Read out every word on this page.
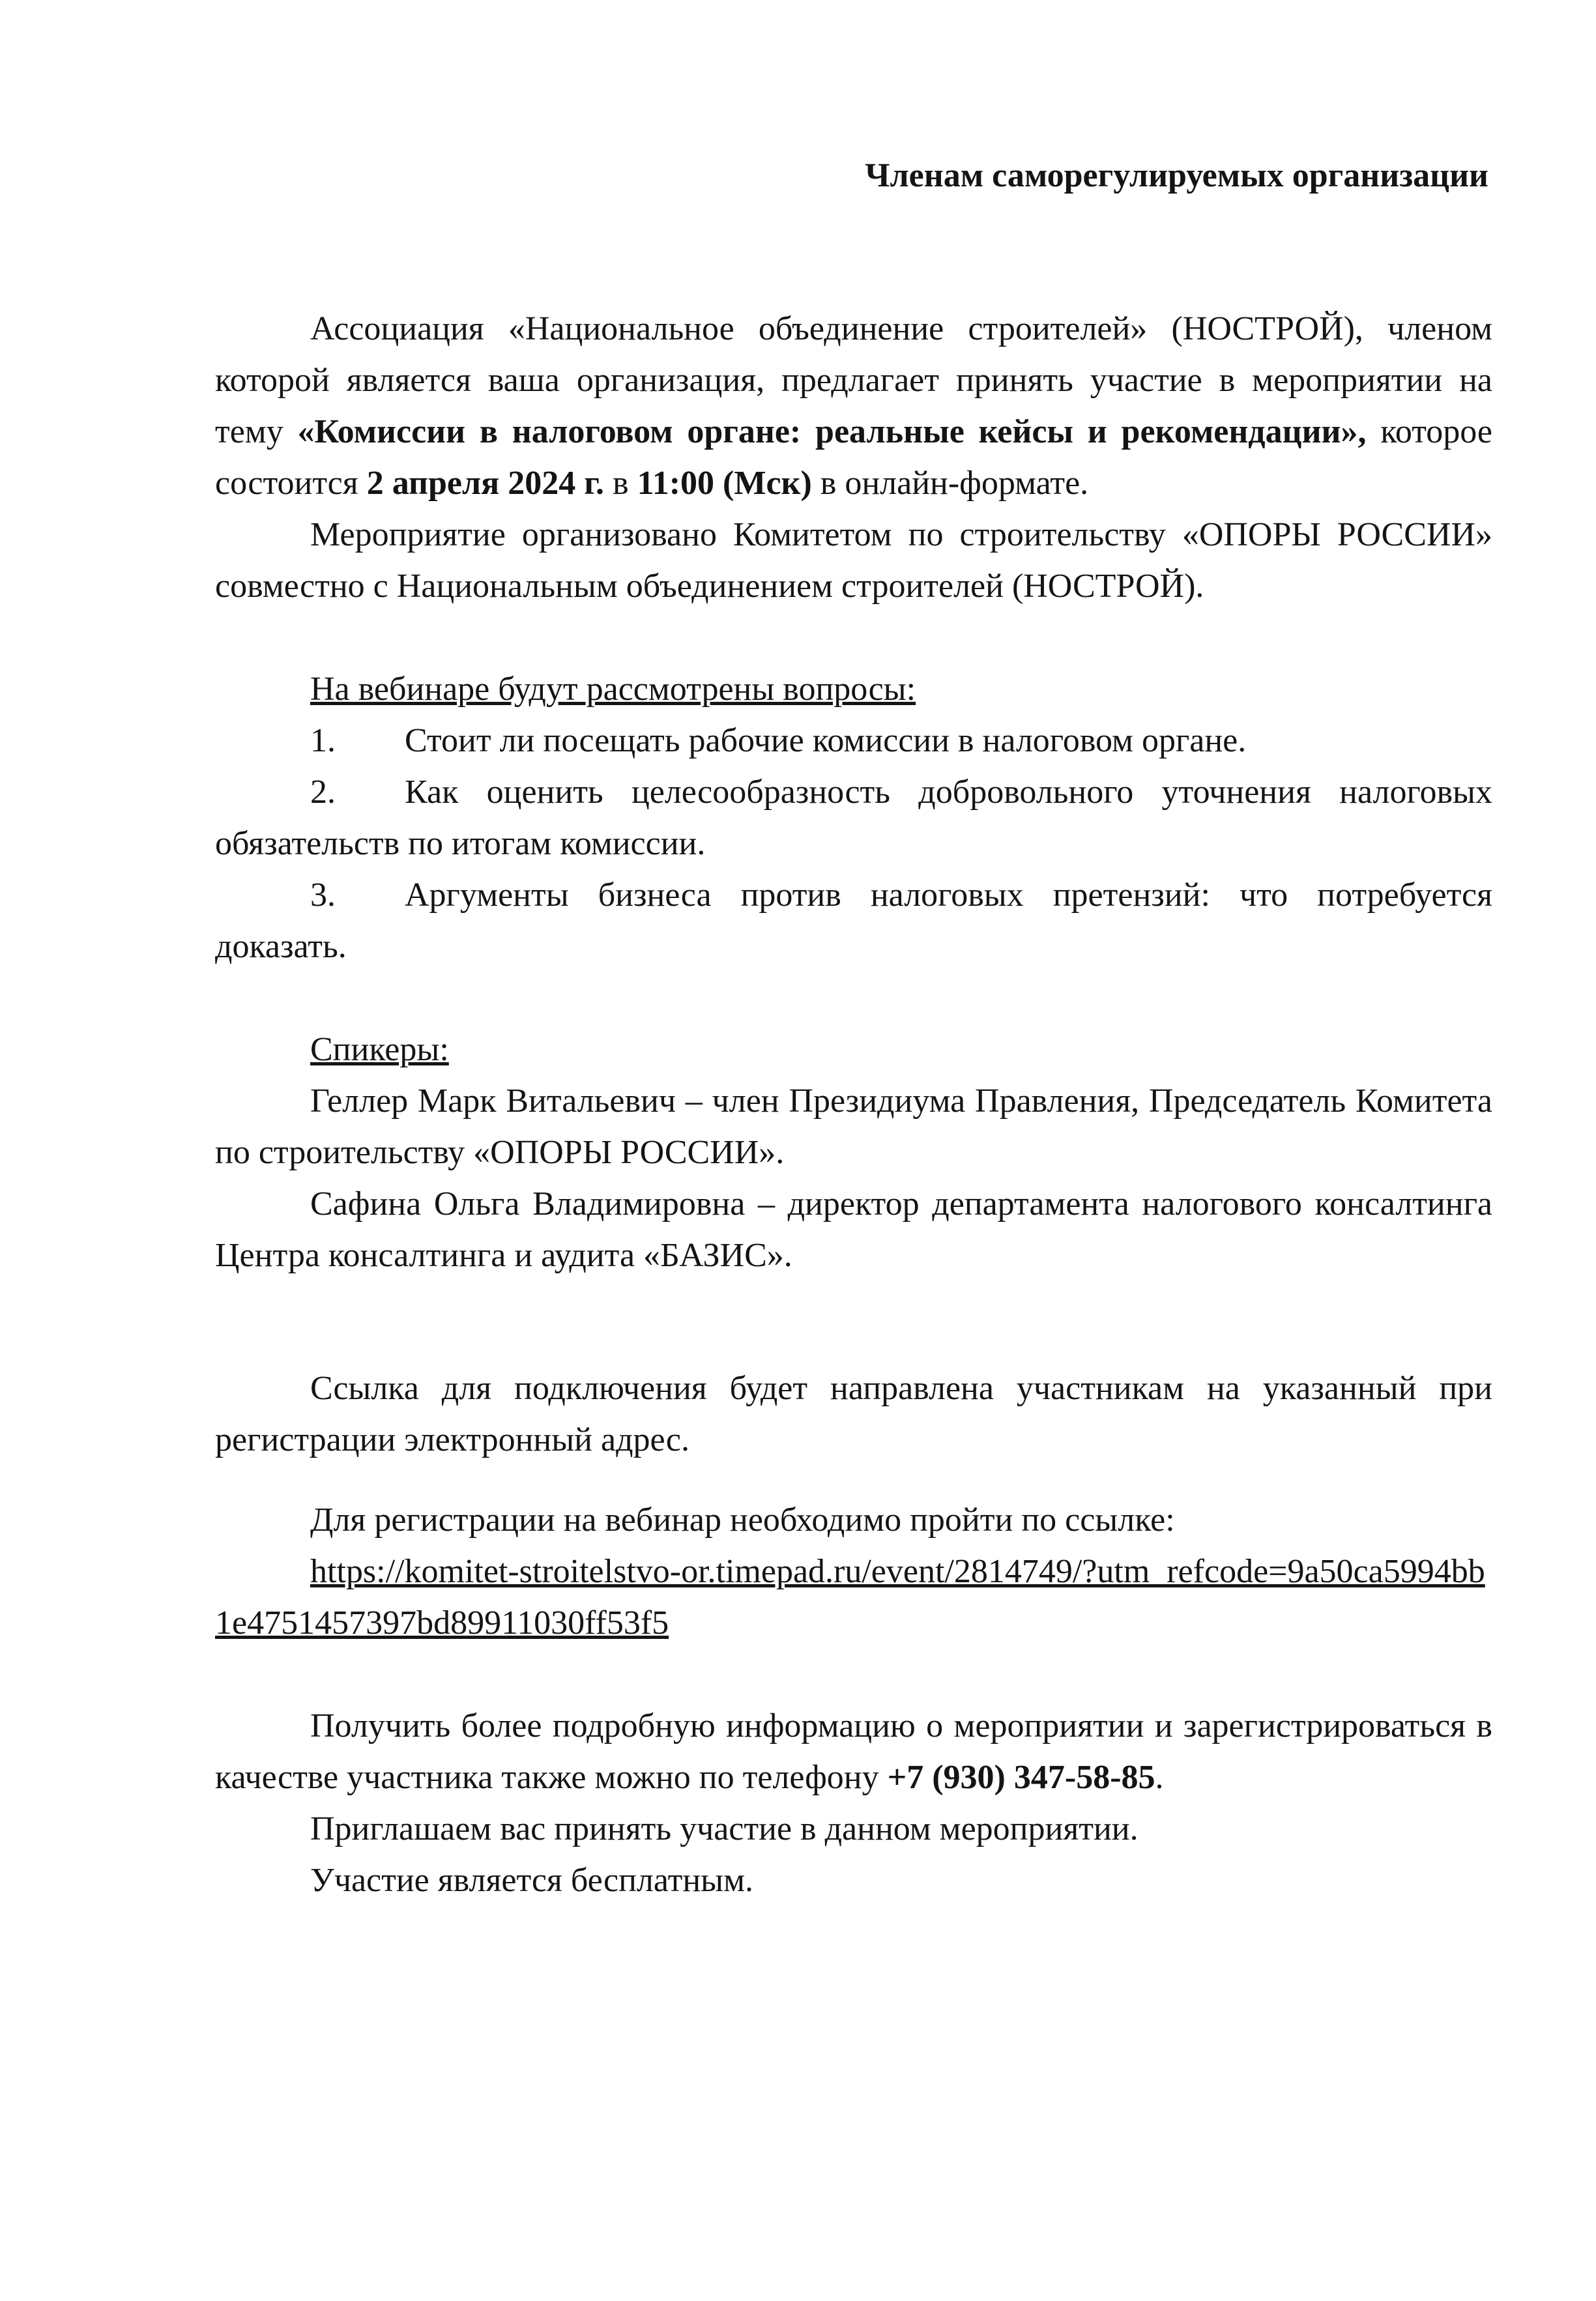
Членам саморегулируемых организации

Ассоциация «Национальное объединение строителей» (НОСТРОЙ), членом которой является ваша организация, предлагает принять участие в мероприятии на тему «Комиссии в налоговом органе: реальные кейсы и рекомендации», которое состоится 2 апреля 2024 г. в 11:00 (Мск) в онлайн-формате.

Мероприятие организовано Комитетом по строительству «ОПОРЫ РОССИИ» совместно с Национальным объединением строителей (НОСТРОЙ).

На вебинаре будут рассмотрены вопросы:

1. Стоит ли посещать рабочие комиссии в налоговом органе.

2. Как оценить целесообразность добровольного уточнения налоговых обязательств по итогам комиссии.

3. Аргументы бизнеса против налоговых претензий: что потребуется доказать.

Спикеры:

Геллер Марк Витальевич – член Президиума Правления, Председатель Комитета по строительству «ОПОРЫ РОССИИ».

Сафина Ольга Владимировна – директор департамента налогового консалтинга Центра консалтинга и аудита «БАЗИС».

Ссылка для подключения будет направлена участникам на указанный при регистрации электронный адрес.

Для регистрации на вебинар необходимо пройти по ссылке:

https://komitet-stroitelstvo-or.timepad.ru/event/2814749/?utm_refcode=9a50ca5994bb1e4751457397bd89911030ff53f5

Получить более подробную информацию о мероприятии и зарегистрироваться в качестве участника также можно по телефону +7 (930) 347-58-85.

Приглашаем вас принять участие в данном мероприятии.

Участие является бесплатным.
